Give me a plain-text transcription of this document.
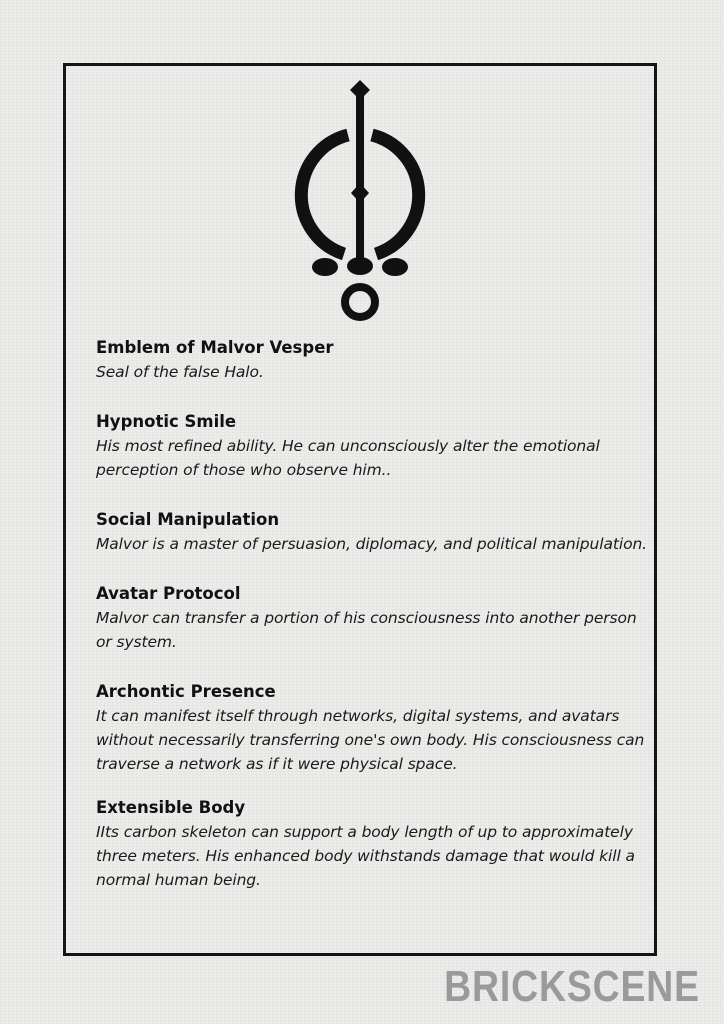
Emblem of Malvor Vesper

Seal of the false Halo.

Hypnotic Smile

His most refined ability. He can unconsciously alter the emotional perception of those who observe him..

Social Manipulation

Malvor is a master of persuasion, diplomacy, and political manipulation.

Avatar Protocol

Malvor can transfer a portion of his consciousness into another person or system.

Archontic Presence

It can manifest itself through networks, digital systems, and avatars without necessarily transferring one's own body. His consciousness can traverse a network as if it were physical space.

Extensible Body

IIts carbon skeleton can support a body length of up to approximately three meters. His enhanced body withstands damage that would kill a normal human being.

BRICKSCENE
